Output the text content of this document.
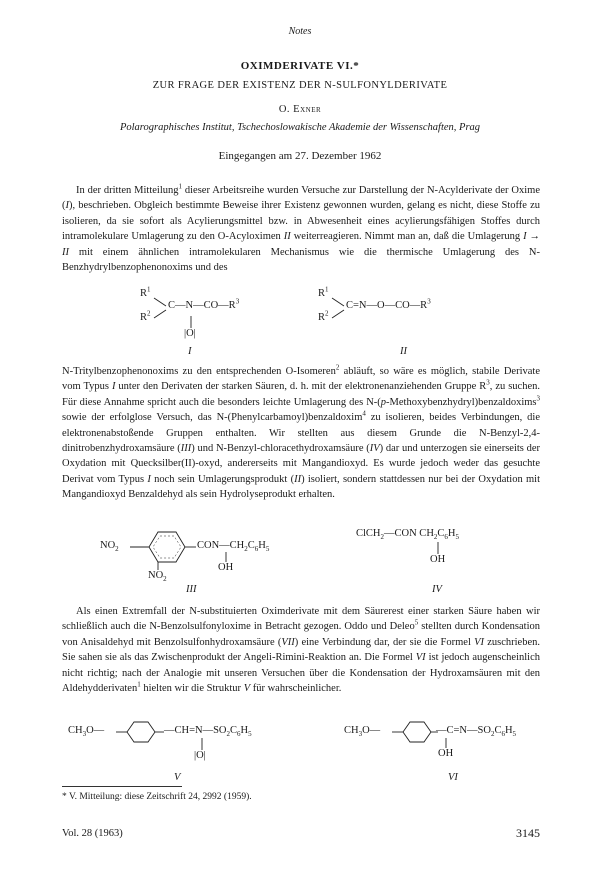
Notes
OXIMDERIVATE VI.*
ZUR FRAGE DER EXISTENZ DER N-SULFONYLDERIVATE
O. Exner
Polarographisches Institut, Tschechoslowakische Akademie der Wissenschaften, Prag
Eingegangen am 27. Dezember 1962

In der dritten Mitteilung$^1$ dieser Arbeitsreihe wurden Versuche zur Darstellung der N-Acylderivate der Oxime (I), beschrieben. Obgleich bestimmte Beweise ihrer Existenz gewonnen wurden, gelang es nicht, diese Stoffe zu isolieren, da sie sofort als Acylierungsmittel bzw. in Abwesenheit eines acylierungsfähigen Stoffes durch intramolekulare Umlagerung zu den O-Acyloximen II weiterreagieren. Nimmt man an, daß die Umlagerung I → II mit einem ähnlichen intramolekularen Mechanismus wie die thermische Umlagerung des N-Benzhydrylbenzophenonoxims und des

$R^1$
$R^2$
$C—N—CO—R^3$
|O|
I
$R^1$
$R^2$
$C=N—O—CO—R^3$
II

N-Tritylbenzophenonoxims zu den entsprechenden O-Isomeren$^2$ abläuft, so wäre es möglich, stabile Derivate vom Typus I unter den Derivaten der starken Säuren, d. h. mit der elektronenanziehenden Gruppe $R^3$, zu suchen. Für diese Annahme spricht auch die besonders leichte Umlagerung des N-(p-Methoxybenzhydryl)benzaldoxims$^3$ sowie der erfolglose Versuch, das N-(Phenylcarbamoyl)benzaldoxim$^4$ zu isolieren, beides Verbindungen, die elektronenabstoßende Gruppen enthalten. Wir stellten aus diesem Grunde die N-Benzyl-2,4-dinitrobenzhydroxamsäure (III) und N-Benzyl-chloracethydroxamsäure (IV) dar und unterzogen sie einerseits der Oxydation mit Quecksilber(II)-oxyd, andererseits mit Mangandioxyd. Es wurde jedoch weder das gesuchte Derivat vom Typus I noch sein Umlagerungsprodukt (II) isoliert, sondern stattdessen nur bei der Oxydation mit Mangandioxyd Benzaldehyd als sein Hydrolyseprodukt erhalten.

$NO_2$	$CON—CH_2C_6H_5$
OH
$NO_2$
III
ClCH$_2$—CON $CH_2C_6H_5$
OH
IV

Als einen Extremfall der N-substituierten Oximderivate mit dem Säurerest einer starken Säure haben wir schließlich auch die N-Benzolsulfonyloxime in Betracht gezogen. Oddo und Deleo$^5$ stellten durch Kondensation von Anisaldehyd mit Benzolsulfonhydroxamsäure (VII) eine Verbindung dar, der sie die Formel VI zuschrieben. Sie sahen sie als das Zwischenprodukt der Angeli-Rimini-Reaktion an. Die Formel VI ist jedoch augenscheinlich nicht richtig; nach der Analogie mit unseren Versuchen über die Kondensation der Hydroxamsäuren mit den Aldehydderivaten$^1$ hielten wir die Struktur V für wahrscheinlicher.

$CH_3O—$	$—CH=N—SO_2C_6H_5$
|O|
V
$CH_3O—$	$—C=N—SO_2C_6H_5$
OH
VI
* V. Mitteilung: diese Zeitschrift 24, 2992 (1959).
Vol. 28 (1963)	3145
